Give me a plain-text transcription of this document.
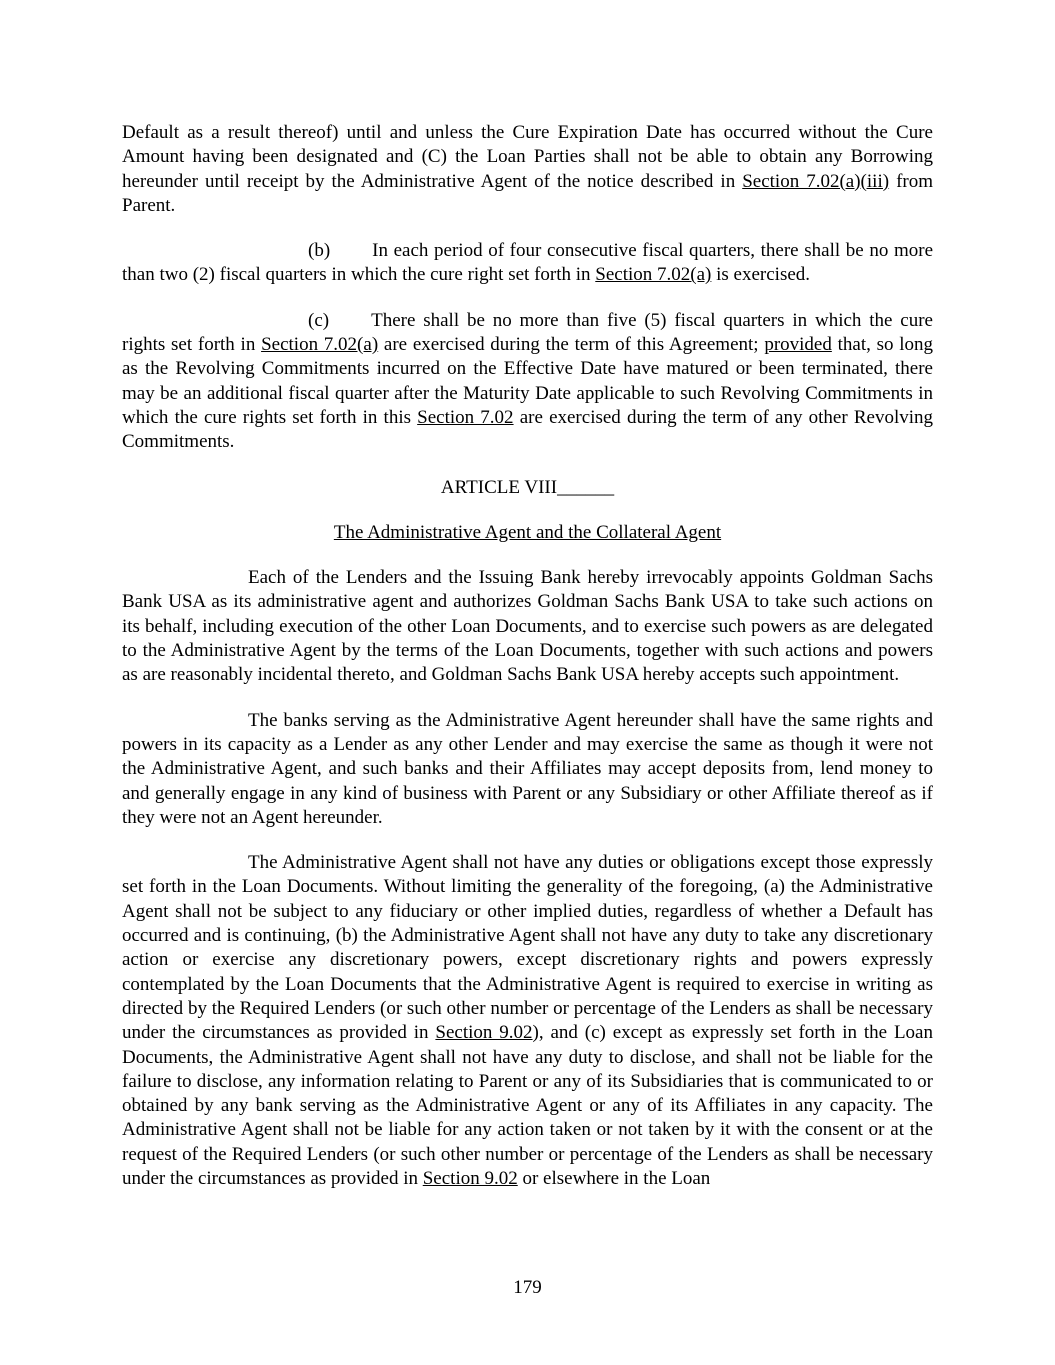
Default as a result thereof) until and unless the Cure Expiration Date has occurred without the Cure Amount having been designated and (C) the Loan Parties shall not be able to obtain any Borrowing hereunder until receipt by the Administrative Agent of the notice described in Section 7.02(a)(iii) from Parent.

(b) In each period of four consecutive fiscal quarters, there shall be no more than two (2) fiscal quarters in which the cure right set forth in Section 7.02(a) is exercised.

(c) There shall be no more than five (5) fiscal quarters in which the cure rights set forth in Section 7.02(a) are exercised during the term of this Agreement; provided that, so long as the Revolving Commitments incurred on the Effective Date have matured or been terminated, there may be an additional fiscal quarter after the Maturity Date applicable to such Revolving Commitments in which the cure rights set forth in this Section 7.02 are exercised during the term of any other Revolving Commitments.

ARTICLE VIII______

The Administrative Agent and the Collateral Agent

Each of the Lenders and the Issuing Bank hereby irrevocably appoints Goldman Sachs Bank USA as its administrative agent and authorizes Goldman Sachs Bank USA to take such actions on its behalf, including execution of the other Loan Documents, and to exercise such powers as are delegated to the Administrative Agent by the terms of the Loan Documents, together with such actions and powers as are reasonably incidental thereto, and Goldman Sachs Bank USA hereby accepts such appointment.

The banks serving as the Administrative Agent hereunder shall have the same rights and powers in its capacity as a Lender as any other Lender and may exercise the same as though it were not the Administrative Agent, and such banks and their Affiliates may accept deposits from, lend money to and generally engage in any kind of business with Parent or any Subsidiary or other Affiliate thereof as if they were not an Agent hereunder.

The Administrative Agent shall not have any duties or obligations except those expressly set forth in the Loan Documents. Without limiting the generality of the foregoing, (a) the Administrative Agent shall not be subject to any fiduciary or other implied duties, regardless of whether a Default has occurred and is continuing, (b) the Administrative Agent shall not have any duty to take any discretionary action or exercise any discretionary powers, except discretionary rights and powers expressly contemplated by the Loan Documents that the Administrative Agent is required to exercise in writing as directed by the Required Lenders (or such other number or percentage of the Lenders as shall be necessary under the circumstances as provided in Section 9.02), and (c) except as expressly set forth in the Loan Documents, the Administrative Agent shall not have any duty to disclose, and shall not be liable for the failure to disclose, any information relating to Parent or any of its Subsidiaries that is communicated to or obtained by any bank serving as the Administrative Agent or any of its Affiliates in any capacity. The Administrative Agent shall not be liable for any action taken or not taken by it with the consent or at the request of the Required Lenders (or such other number or percentage of the Lenders as shall be necessary under the circumstances as provided in Section 9.02 or elsewhere in the Loan

179
